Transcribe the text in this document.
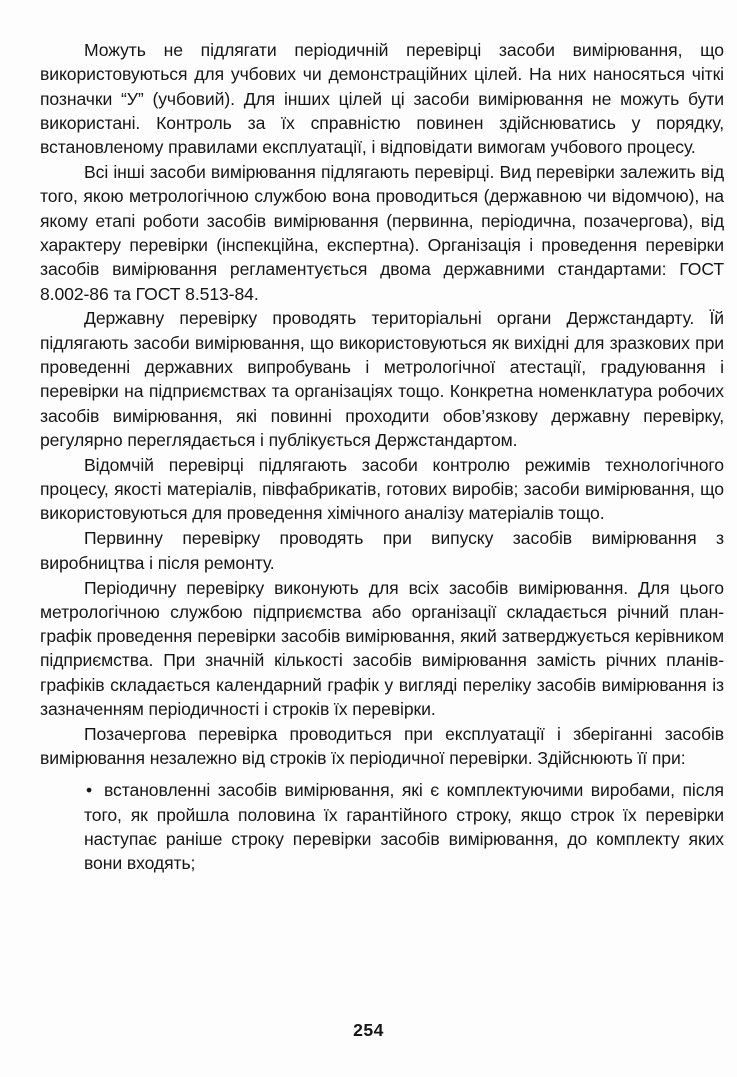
Можуть не підлягати періодичній перевірці засоби вимірювання, що використовуються для учбових чи демонстраційних цілей. На них наносяться чіткі позначки “У” (учбовий). Для інших цілей ці засоби вимірювання не можуть бути використані. Контроль за їх справністю повинен здійснюватись у порядку, встановленому правилами експлуатації, і відповідати вимогам учбового процесу.

Всі інші засоби вимірювання підлягають перевірці. Вид перевірки залежить від того, якою метрологічною службою вона проводиться (державною чи відомчою), на якому етапі роботи засобів вимірювання (первинна, періодична, позачергова), від характеру перевірки (інспекційна, експертна). Організація і проведення перевірки засобів вимірювання регламентується двома державними стандартами: ГОСТ 8.002-86 та ГОСТ 8.513-84.

Державну перевірку проводять територіальні органи Держстандарту. Їй підлягають засоби вимірювання, що використовуються як вихідні для зразкових при проведенні державних випробувань і метрологічної атестації, градуювання і перевірки на підприємствах та організаціях тощо. Конкретна номенклатура робочих засобів вимірювання, які повинні проходити обов’язкову державну перевірку, регулярно переглядається і публікується Держстандартом.

Відомчій перевірці підлягають засоби контролю режимів технологічного процесу, якості матеріалів, півфабрикатів, готових виробів; засоби вимірювання, що використовуються для проведення хімічного аналізу матеріалів тощо.

Первинну перевірку проводять при випуску засобів вимірювання з виробництва і після ремонту.

Періодичну перевірку виконують для всіх засобів вимірювання. Для цього метрологічною службою підприємства або організації складається річний план-графік проведення перевірки засобів вимірювання, який затверджується керівником підприємства. При значній кількості засобів вимірювання замість річних планів-графіків складається календарний графік у вигляді переліку засобів вимірювання із зазначенням періодичності і строків їх перевірки.

Позачергова перевірка проводиться при експлуатації і зберіганні засобів вимірювання незалежно від строків їх періодичної перевірки. Здійснюють її при:

• встановленні засобів вимірювання, які є комплектуючими виробами, після того, як пройшла половина їх гарантійного строку, якщо строк їх перевірки наступає раніше строку перевірки засобів вимірювання, до комплекту яких вони входять;
254
